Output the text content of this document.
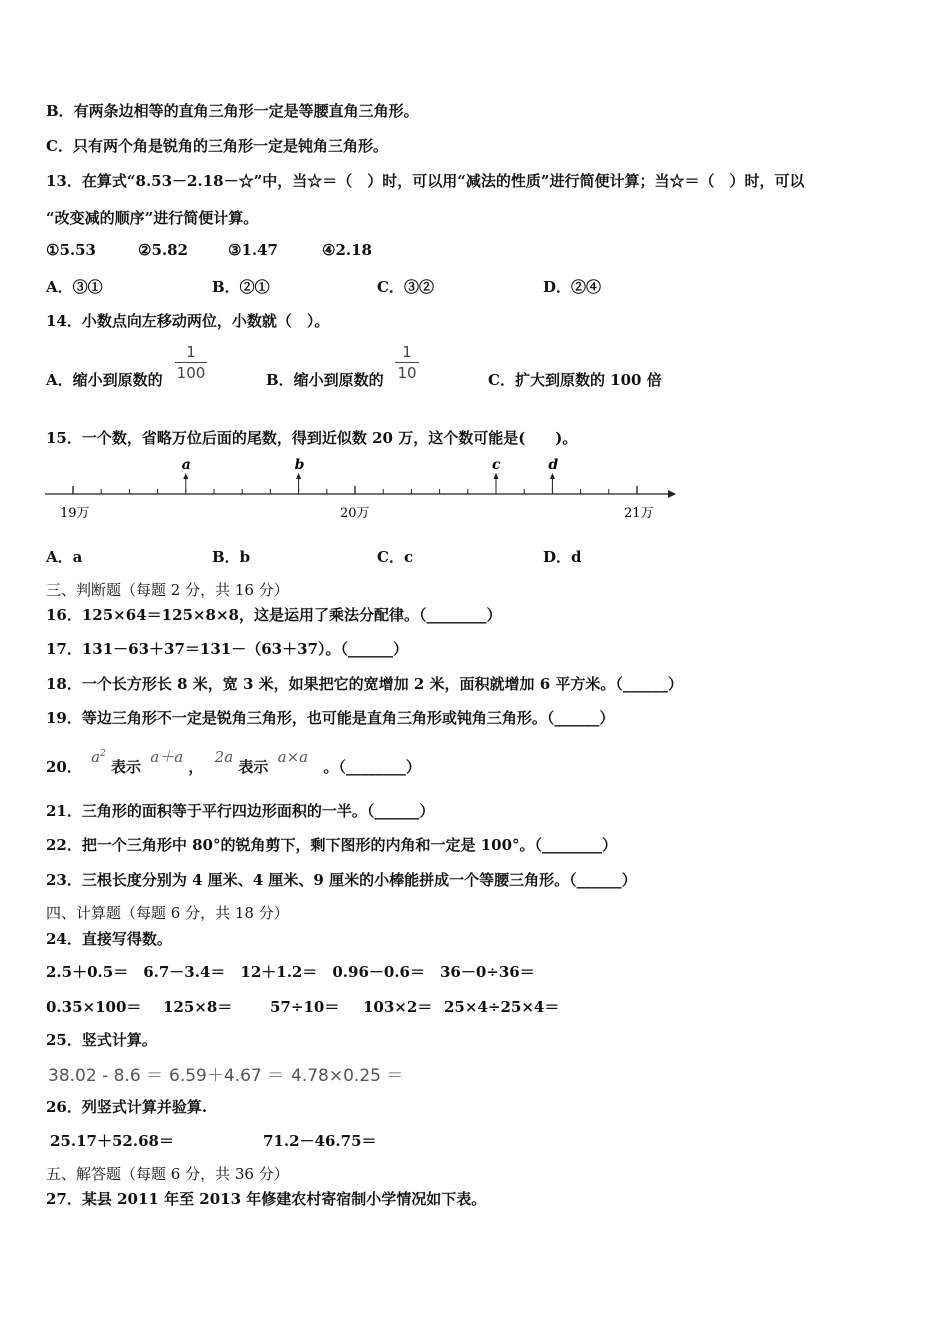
B．有两条边相等的直角三角形一定是等腰直角三角形。
C．只有两个角是锐角的三角形一定是钝角三角形。
13．在算式“8.53－2.18－☆”中，当☆＝（　）时，可以用“减法的性质”进行简便计算；当☆＝（　）时，可以
“改变减的顺序”进行简便计算。
①5.53	②5.82	③1.47	④2.18
A．③①	B．②①	C．③②	D．②④
14．小数点向左移动两位，小数就（　）。
A．缩小到原数的
1
100	B．缩小到原数的
1
10	C．扩大到原数的 100 倍
15．一个数，省略万位后面的尾数，得到近似数 20 万，这个数可能是(　　)。
a	b	c	d
19万	20万	21万
A．a	B．b	C．c	D．d
三、判断题（每题 2 分，共 16 分）
16．125×64＝125×8×8，这是运用了乘法分配律。（________）
17．131－63＋37＝131－（63＋37）。（______）
18．一个长方形长 8 米，宽 3 米，如果把它的宽增加 2 米，面积就增加 6 平方米。（______）
19．等边三角形不一定是锐角三角形，也可能是直角三角形或钝角三角形。（______）
20． $a^2$ 表示 a＋a ， 2a 表示 a×a 。（________）
21．三角形的面积等于平行四边形面积的一半。（______）
22．把一个三角形中 80°的锐角剪下，剩下图形的内角和一定是 100°。（________）
23．三根长度分别为 4 厘米、4 厘米、9 厘米的小棒能拼成一个等腰三角形。（______）
四、计算题（每题 6 分，共 18 分）
24．直接写得数。
2.5＋0.5＝　6.7－3.4＝　12＋1.2＝　0.96－0.6＝　36－0÷36＝
0.35×100＝ 125×8＝	57÷10＝ 103×2＝ 25×4÷25×4＝
25．竖式计算。
38.02 - 8.6 ＝ 6.59＋4.67 ＝ 4.78×0.25 ＝
26．列竖式计算并验算.
25.17＋52.68＝	71.2－46.75＝
五、解答题（每题 6 分，共 36 分）
27．某县 2011 年至 2013 年修建农村寄宿制小学情况如下表。
